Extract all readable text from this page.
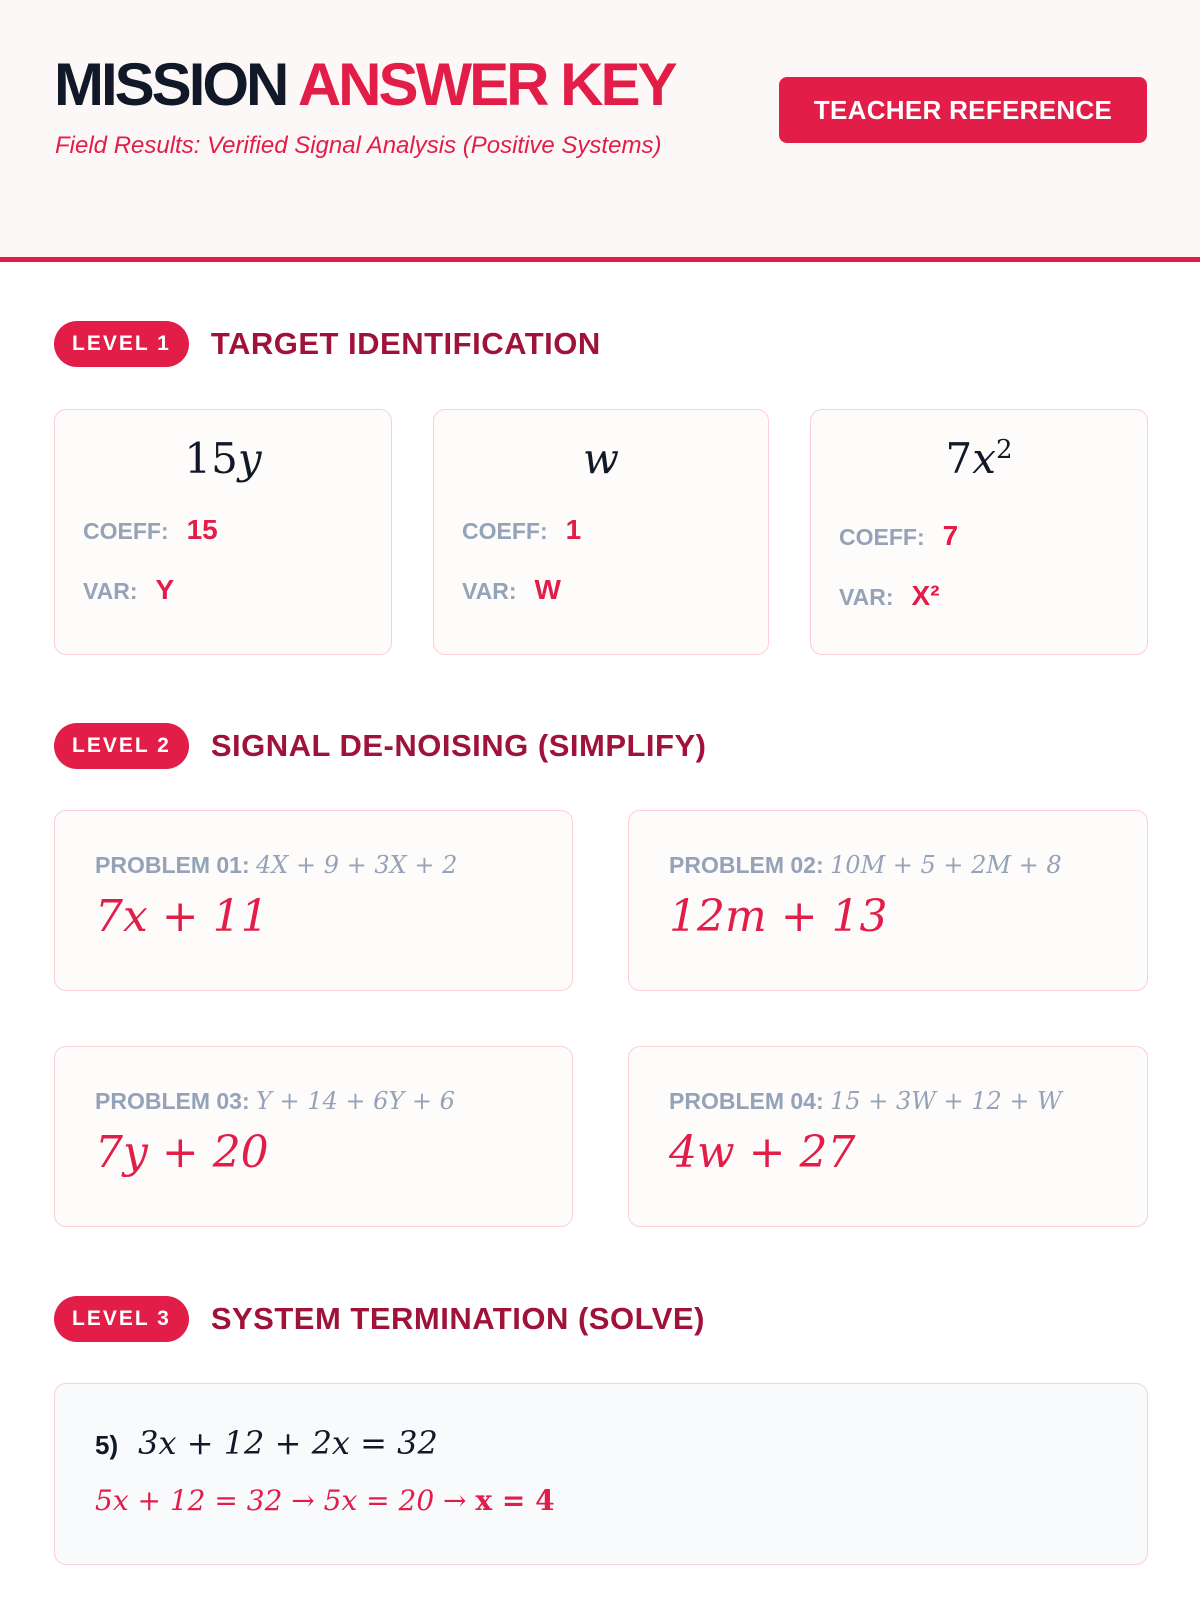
MISSION ANSWER KEY
Field Results: Verified Signal Analysis (Positive Systems)
TEACHER REFERENCE
LEVEL 1	TARGET IDENTIFICATION
15y
COEFF: 15
VAR: Y
w
COEFF: 1
VAR: W
$7x^2$
COEFF: 7
VAR: X²
LEVEL 2	SIGNAL DE-NOISING (SIMPLIFY)
PROBLEM 01: 4X + 9 + 3X + 2
7x + 11
PROBLEM 02: 10M + 5 + 2M + 8
12m + 13
PROBLEM 03: Y + 14 + 6Y + 6
7y + 20
PROBLEM 04: 15 + 3W + 12 + W
4w + 27
LEVEL 3	SYSTEM TERMINATION (SOLVE)
5) 3x + 12 + 2x = 32
5x + 12 = 32 → 5x = 20 → x = 4
